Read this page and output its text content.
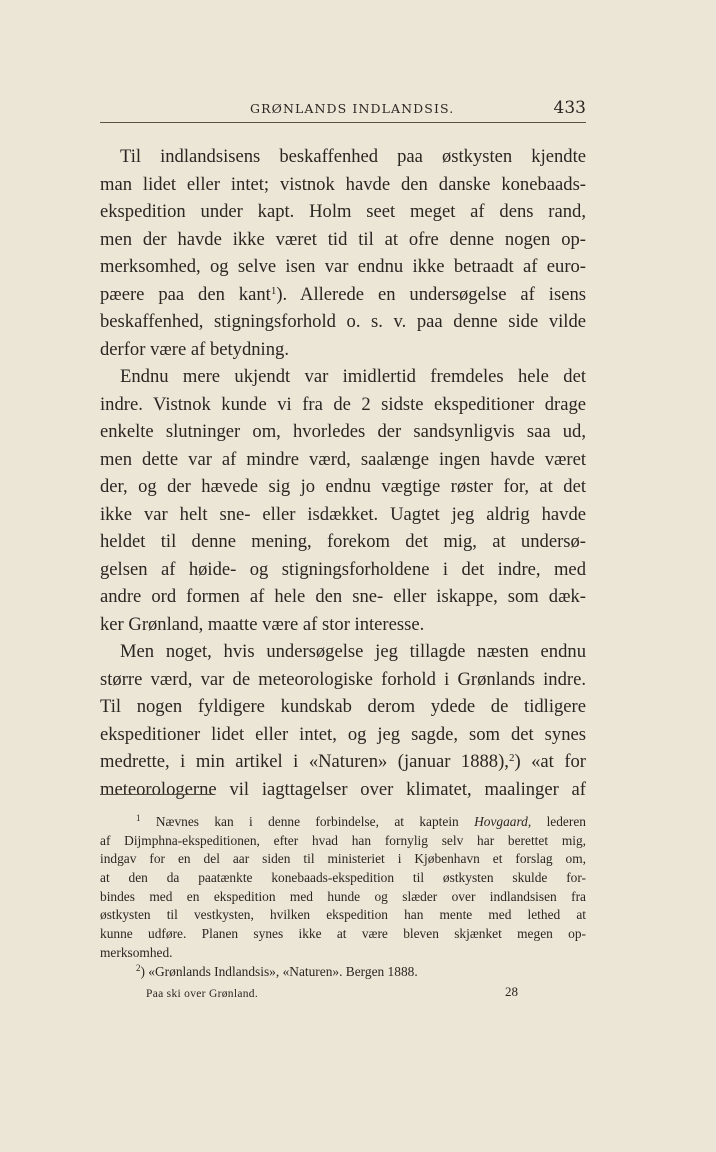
GRØNLANDS INDLANDSIS.	433
Til indlandsisens beskaffenhed paa østkysten kjendte
man lidet eller intet; vistnok havde den danske konebaads-
ekspedition under kapt. Holm seet meget af dens rand,
men der havde ikke været tid til at ofre denne nogen op-
merksomhed, og selve isen var endnu ikke betraadt af euro-
pæere paa den kant$^1$). Allerede en undersøgelse af isens
beskaffenhed, stigningsforhold o. s. v. paa denne side vilde
derfor være af betydning.
Endnu mere ukjendt var imidlertid fremdeles hele det
indre. Vistnok kunde vi fra de 2 sidste ekspeditioner drage
enkelte slutninger om, hvorledes der sandsynligvis saa ud,
men dette var af mindre værd, saalænge ingen havde været
der, og der hævede sig jo endnu vægtige røster for, at det
ikke var helt sne- eller isdækket. Uagtet jeg aldrig havde
heldet til denne mening, forekom det mig, at undersø-
gelsen af høide- og stigningsforholdene i det indre, med
andre ord formen af hele den sne- eller iskappe, som dæk-
ker Grønland, maatte være af stor interesse.
Men noget, hvis undersøgelse jeg tillagde næsten endnu
større værd, var de meteorologiske forhold i Grønlands indre.
Til nogen fyldigere kundskab derom ydede de tidligere
ekspeditioner lidet eller intet, og jeg sagde, som det synes
medrette, i min artikel i «Naturen» (januar 1888),$^2$) «at for
meteorologerne vil iagttagelser over klimatet, maalinger af
$^1$ Nævnes kan i denne forbindelse, at kaptein Hovgaard, lederen
af Dijmphna-ekspeditionen, efter hvad han fornylig selv har berettet mig,
indgav for en del aar siden til ministeriet i Kjøbenhavn et forslag om,
at den da paatænkte konebaads-ekspedition til østkysten skulde for-
bindes med en ekspedition med hunde og slæder over indlandsisen fra
østkysten til vestkysten, hvilken ekspedition han mente med lethed at
kunne udføre. Planen synes ikke at være bleven skjænket megen op-
merksomhed.
$^2$) «Grønlands Indlandsis», «Naturen». Bergen 1888.
Paa ski over Grønland.	28
